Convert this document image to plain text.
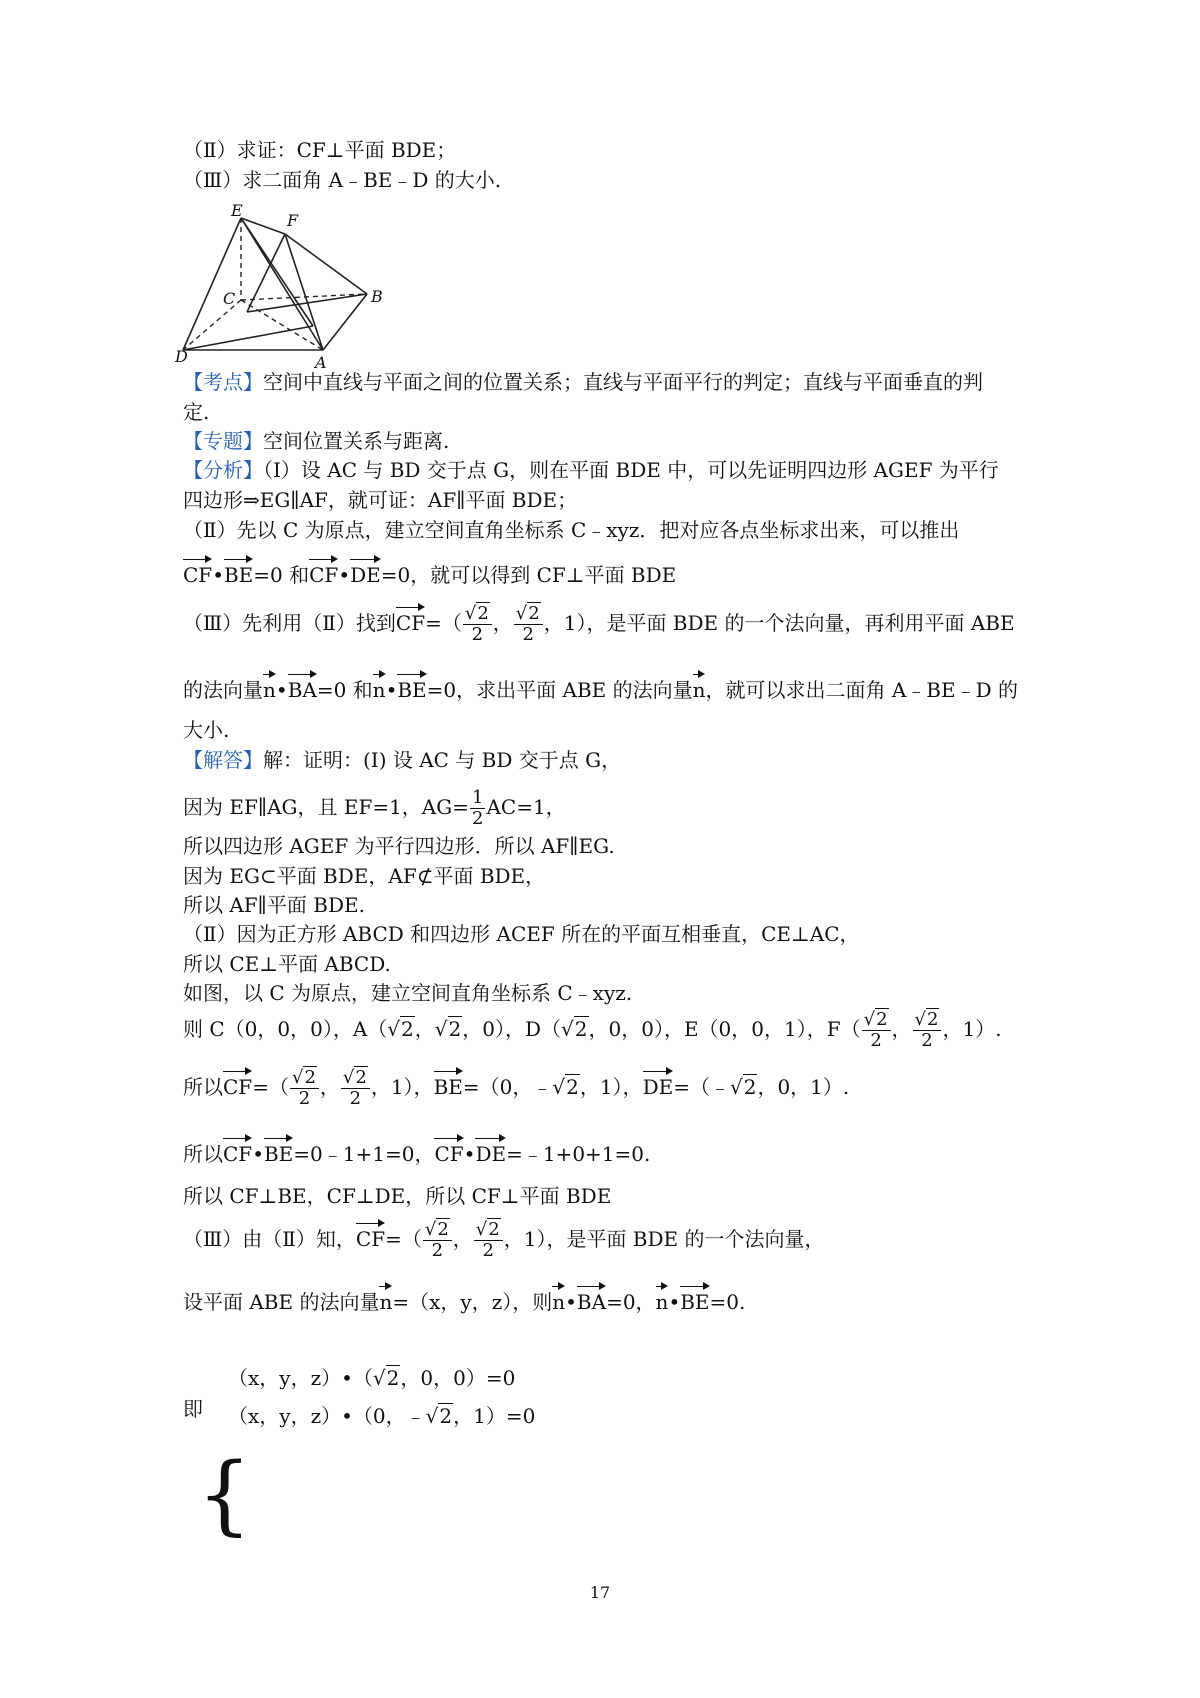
（Ⅱ）求证：CF⊥平面 BDE；
（Ⅲ）求二面角 A﹣BE﹣D 的大小.
E
F
C	B
D	A
【考点】空间中直线与平面之间的位置关系；直线与平面平行的判定；直线与平面垂直的判
定.
【专题】空间位置关系与距离.
【分析】（Ⅰ）设 AC 与 BD 交于点 G，则在平面 BDE 中，可以先证明四边形 AGEF 为平行
四边形⇒EG∥AF，就可证：AF∥平面 BDE；
（Ⅱ）先以 C 为原点，建立空间直角坐标系 C﹣xyz．把对应各点坐标求出来，可以推出
CF•BE=0 和CF•DE=0，就可以得到 CF⊥平面 BDE
（Ⅲ）先利用（Ⅱ）找到$CF=( \frac{√2}{2}$ ， $\frac{√2}{2}$ ，1），是平面 BDE 的一个法向量，再利用平面 ABE
的法向量n•BA=0 和n•BE=0，求出平面 ABE 的法向量n，就可以求出二面角 A﹣BE﹣D 的
大小.
【解答】解：证明：(Ⅰ) 设 AC 与 BD 交于点 G，
因为 EF∥AG，且 EF=1，$AG= \frac{1}{2} AC=1$，
所以四边形 AGEF 为平行四边形．所以 AF∥EG.
因为 EG⊂平面 BDE，AF⊄平面 BDE，
所以 AF∥平面 BDE.
（Ⅱ）因为正方形 ABCD 和四边形 ACEF 所在的平面互相垂直，CE⊥AC，
所以 CE⊥平面 ABCD.
如图，以 C 为原点，建立空间直角坐标系 C﹣xyz.
则 C（0，0，0），A（√2，√2，0），D（√2，0，0），E（0，0，1），$F( \frac{√2}{2}$ ， $\frac{√2}{2}$ ，1）.
所以$CF=( \frac{√2}{2}$ ， $\frac{√2}{2}$ ，1），BE=（0，﹣√2，1），DE=（﹣√2，0，1）.
所以CF•BE=0﹣1+1=0，CF•DE=﹣1+0+1=0.
所以 CF⊥BE，CF⊥DE，所以 CF⊥平面 BDE
（Ⅲ）由（Ⅱ）知，$CF=( \frac{√2}{2}$ ， $\frac{√2}{2}$ ，1），是平面 BDE 的一个法向量，
设平面 ABE 的法向量n=（x，y，z），则n•BA=0，n•BE=0.
即
{
（x，y，z）•（√2，0，0）=0
（x，y，z）•（0，﹣√2，1）=0
17
